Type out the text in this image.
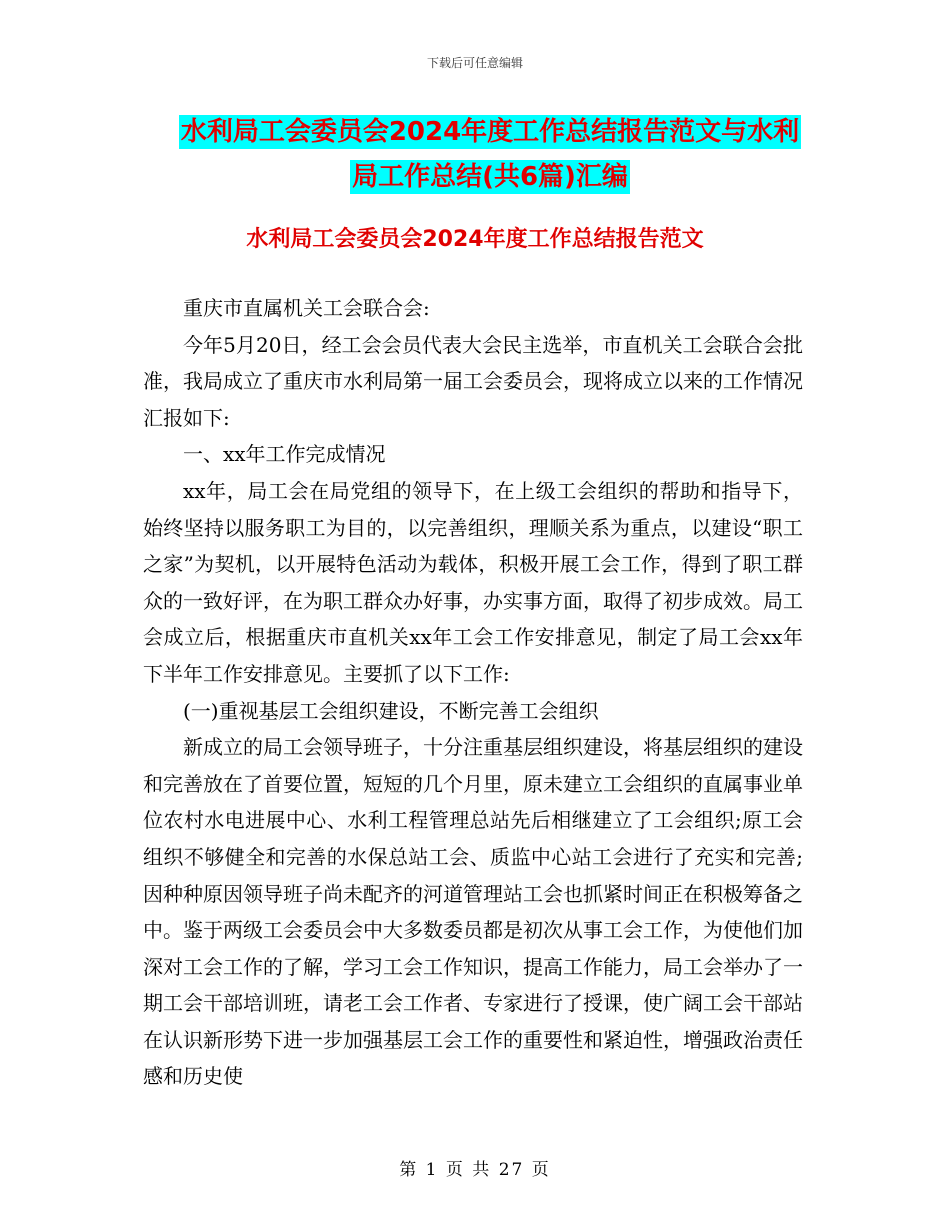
下载后可任意编辑
水利局工会委员会2024年度工作总结报告范文与水利
局工作总结(共6篇)汇编
水利局工会委员会2024年度工作总结报告范文

重庆市直属机关工会联合会:

今年5月20日，经工会会员代表大会民主选举，市直机关工会联合会批准，我局成立了重庆市水利局第一届工会委员会，现将成立以来的工作情况汇报如下:

一、xx年工作完成情况

xx年，局工会在局党组的领导下，在上级工会组织的帮助和指导下，始终坚持以服务职工为目的，以完善组织，理顺关系为重点，以建设“职工之家”为契机，以开展特色活动为载体，积极开展工会工作，得到了职工群众的一致好评，在为职工群众办好事，办实事方面，取得了初步成效。局工会成立后，根据重庆市直机关xx年工会工作安排意见，制定了局工会xx年下半年工作安排意见。主要抓了以下工作:

(一)重视基层工会组织建设，不断完善工会组织

新成立的局工会领导班子，十分注重基层组织建设，将基层组织的建设和完善放在了首要位置，短短的几个月里，原未建立工会组织的直属事业单位农村水电进展中心、水利工程管理总站先后相继建立了工会组织;原工会组织不够健全和完善的水保总站工会、质监中心站工会进行了充实和完善;因种种原因领导班子尚未配齐的河道管理站工会也抓紧时间正在积极筹备之中。鉴于两级工会委员会中大多数委员都是初次从事工会工作，为使他们加深对工会工作的了解，学习工会工作知识，提高工作能力，局工会举办了一期工会干部培训班，请老工会工作者、专家进行了授课，使广阔工会干部站在认识新形势下进一步加强基层工会工作的重要性和紧迫性，增强政治责任感和历史使

第 1 页 共 27 页
